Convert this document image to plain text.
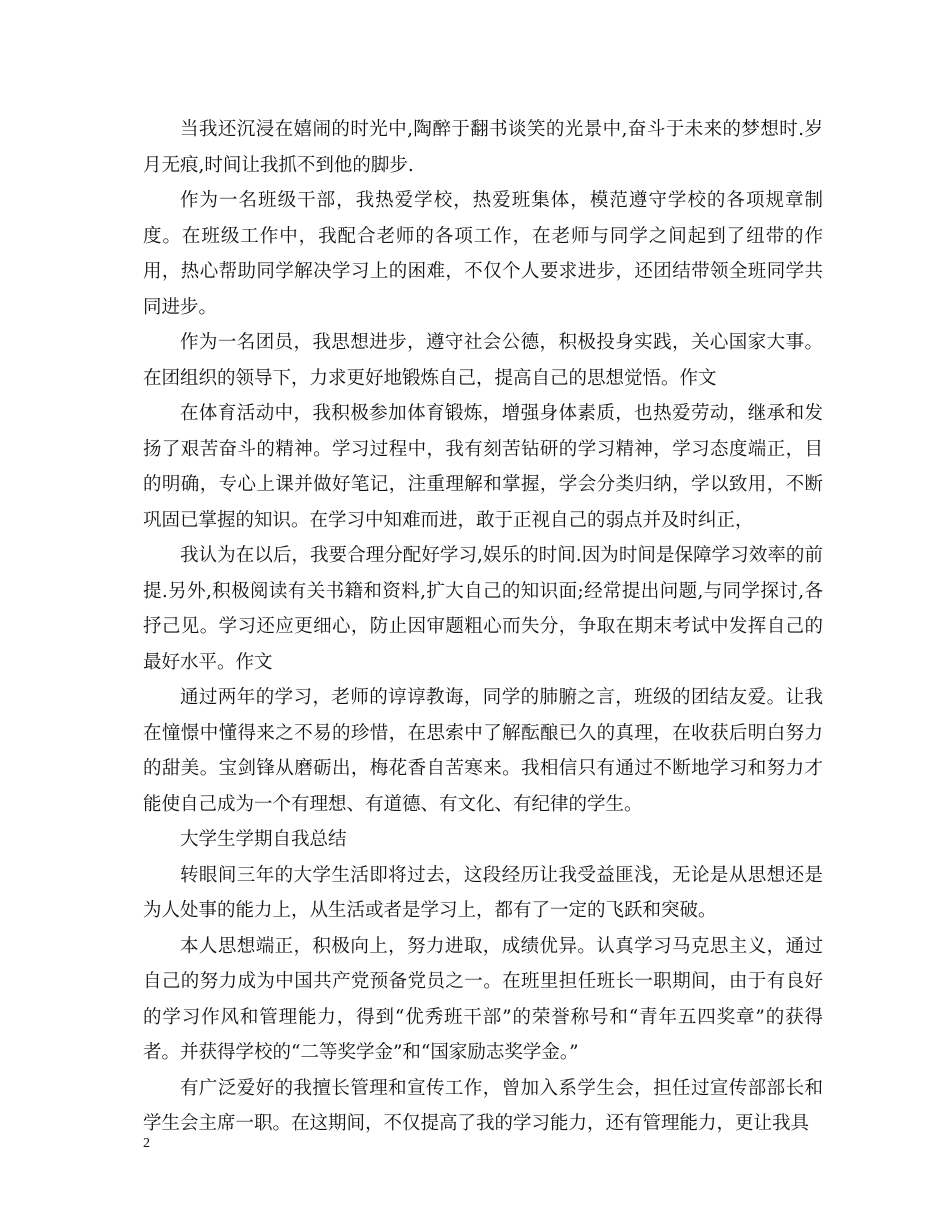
当我还沉浸在嬉闹的时光中,陶醉于翻书谈笑的光景中,奋斗于未来的梦想时.岁月无痕,时间让我抓不到他的脚步.

作为一名班级干部，我热爱学校，热爱班集体，模范遵守学校的各项规章制度。在班级工作中，我配合老师的各项工作，在老师与同学之间起到了纽带的作用，热心帮助同学解决学习上的困难，不仅个人要求进步，还团结带领全班同学共同进步。

作为一名团员，我思想进步，遵守社会公德，积极投身实践，关心国家大事。在团组织的领导下，力求更好地锻炼自己，提高自己的思想觉悟。作文

在体育活动中，我积极参加体育锻炼，增强身体素质，也热爱劳动，继承和发扬了艰苦奋斗的精神。学习过程中，我有刻苦钻研的学习精神，学习态度端正，目的明确，专心上课并做好笔记，注重理解和掌握，学会分类归纳，学以致用，不断巩固已掌握的知识。在学习中知难而进，敢于正视自己的弱点并及时纠正，

我认为在以后，我要合理分配好学习,娱乐的时间.因为时间是保障学习效率的前提.另外,积极阅读有关书籍和资料,扩大自己的知识面;经常提出问题,与同学探讨,各抒己见。学习还应更细心，防止因审题粗心而失分，争取在期末考试中发挥自己的最好水平。作文

通过两年的学习，老师的谆谆教诲，同学的肺腑之言，班级的团结友爱。让我在憧憬中懂得来之不易的珍惜，在思索中了解酝酿已久的真理，在收获后明白努力的甜美。宝剑锋从磨砺出，梅花香自苦寒来。我相信只有通过不断地学习和努力才能使自己成为一个有理想、有道德、有文化、有纪律的学生。

大学生学期自我总结

转眼间三年的大学生活即将过去，这段经历让我受益匪浅，无论是从思想还是为人处事的能力上，从生活或者是学习上，都有了一定的飞跃和突破。

本人思想端正，积极向上，努力进取，成绩优异。认真学习马克思主义，通过自己的努力成为中国共产党预备党员之一。在班里担任班长一职期间，由于有良好的学习作风和管理能力，得到“优秀班干部”的荣誉称号和“青年五四奖章”的获得者。并获得学校的“二等奖学金”和“国家励志奖学金。”

有广泛爱好的我擅长管理和宣传工作，曾加入系学生会，担任过宣传部部长和学生会主席一职。在这期间，不仅提高了我的学习能力，还有管理能力，更让我具

2
